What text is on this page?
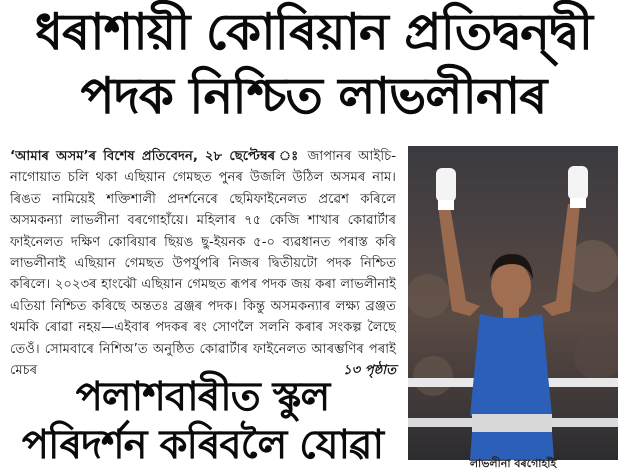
ধৰাশায়ী কোৰিয়ান প্ৰতিদ্বন্দ্বী
পদক নিশ্চিত লাভলীনাৰ
‘আমাৰ অসম’ৰ বিশেষ প্ৰতিবেদন, ২৮ ছেপ্টেম্বৰ ঃ জাপানৰ আইচি-নাগোয়াত চলি থকা এছিয়ান গেমছত পুনৰ উজলি উঠিল অসমৰ নাম। ৰিঙত নামিয়েই শক্তিশালী প্ৰদৰ্শনেৰে ছেমিফাইনেলত প্ৰৱেশ কৰিলে অসমকন্যা লাভলীনা বৰগোহাঁয়ে। মহিলাৰ ৭৫ কেজি শাখাৰ কোৱাৰ্টাৰ ফাইনেলত দক্ষিণ কোৰিয়াৰ ছিয়ঙ ছু-ইয়নক ৫-০ ব্যৱধানত পৰাস্ত কৰি লাভলীনাই এছিয়ান গেমছত উপৰ্যুপৰি নিজৰ দ্বিতীয়টো পদক নিশ্চিত কৰিলে। ২০২৩ৰ হাংঝৌ এছিয়ান গেমছত ৰূপৰ পদক জয় কৰা লাভলীনাই এতিয়া নিশ্চিত কৰিছে অন্ততঃ ব্ৰঞ্জৰ পদক। কিন্তু অসমকন্যাৰ লক্ষ্য ব্ৰঞ্জত থমকি ৰোৱা নহয়—এইবাৰ পদকৰ ৰং সোণলৈ সলনি কৰাৰ সংকল্প লৈছে তেওঁ। সোমবাৰে নিশিঅ’ত অনুষ্ঠিত কোৱাৰ্টাৰ ফাইনেলত আৰম্ভণিৰ পৰাই মেচৰ	১৩ পৃষ্ঠাত
পলাশবাৰীত স্কুল
পৰিদৰ্শন কৰিবলৈ যোৱা	লাভলীনা বৰগোহাঁই
